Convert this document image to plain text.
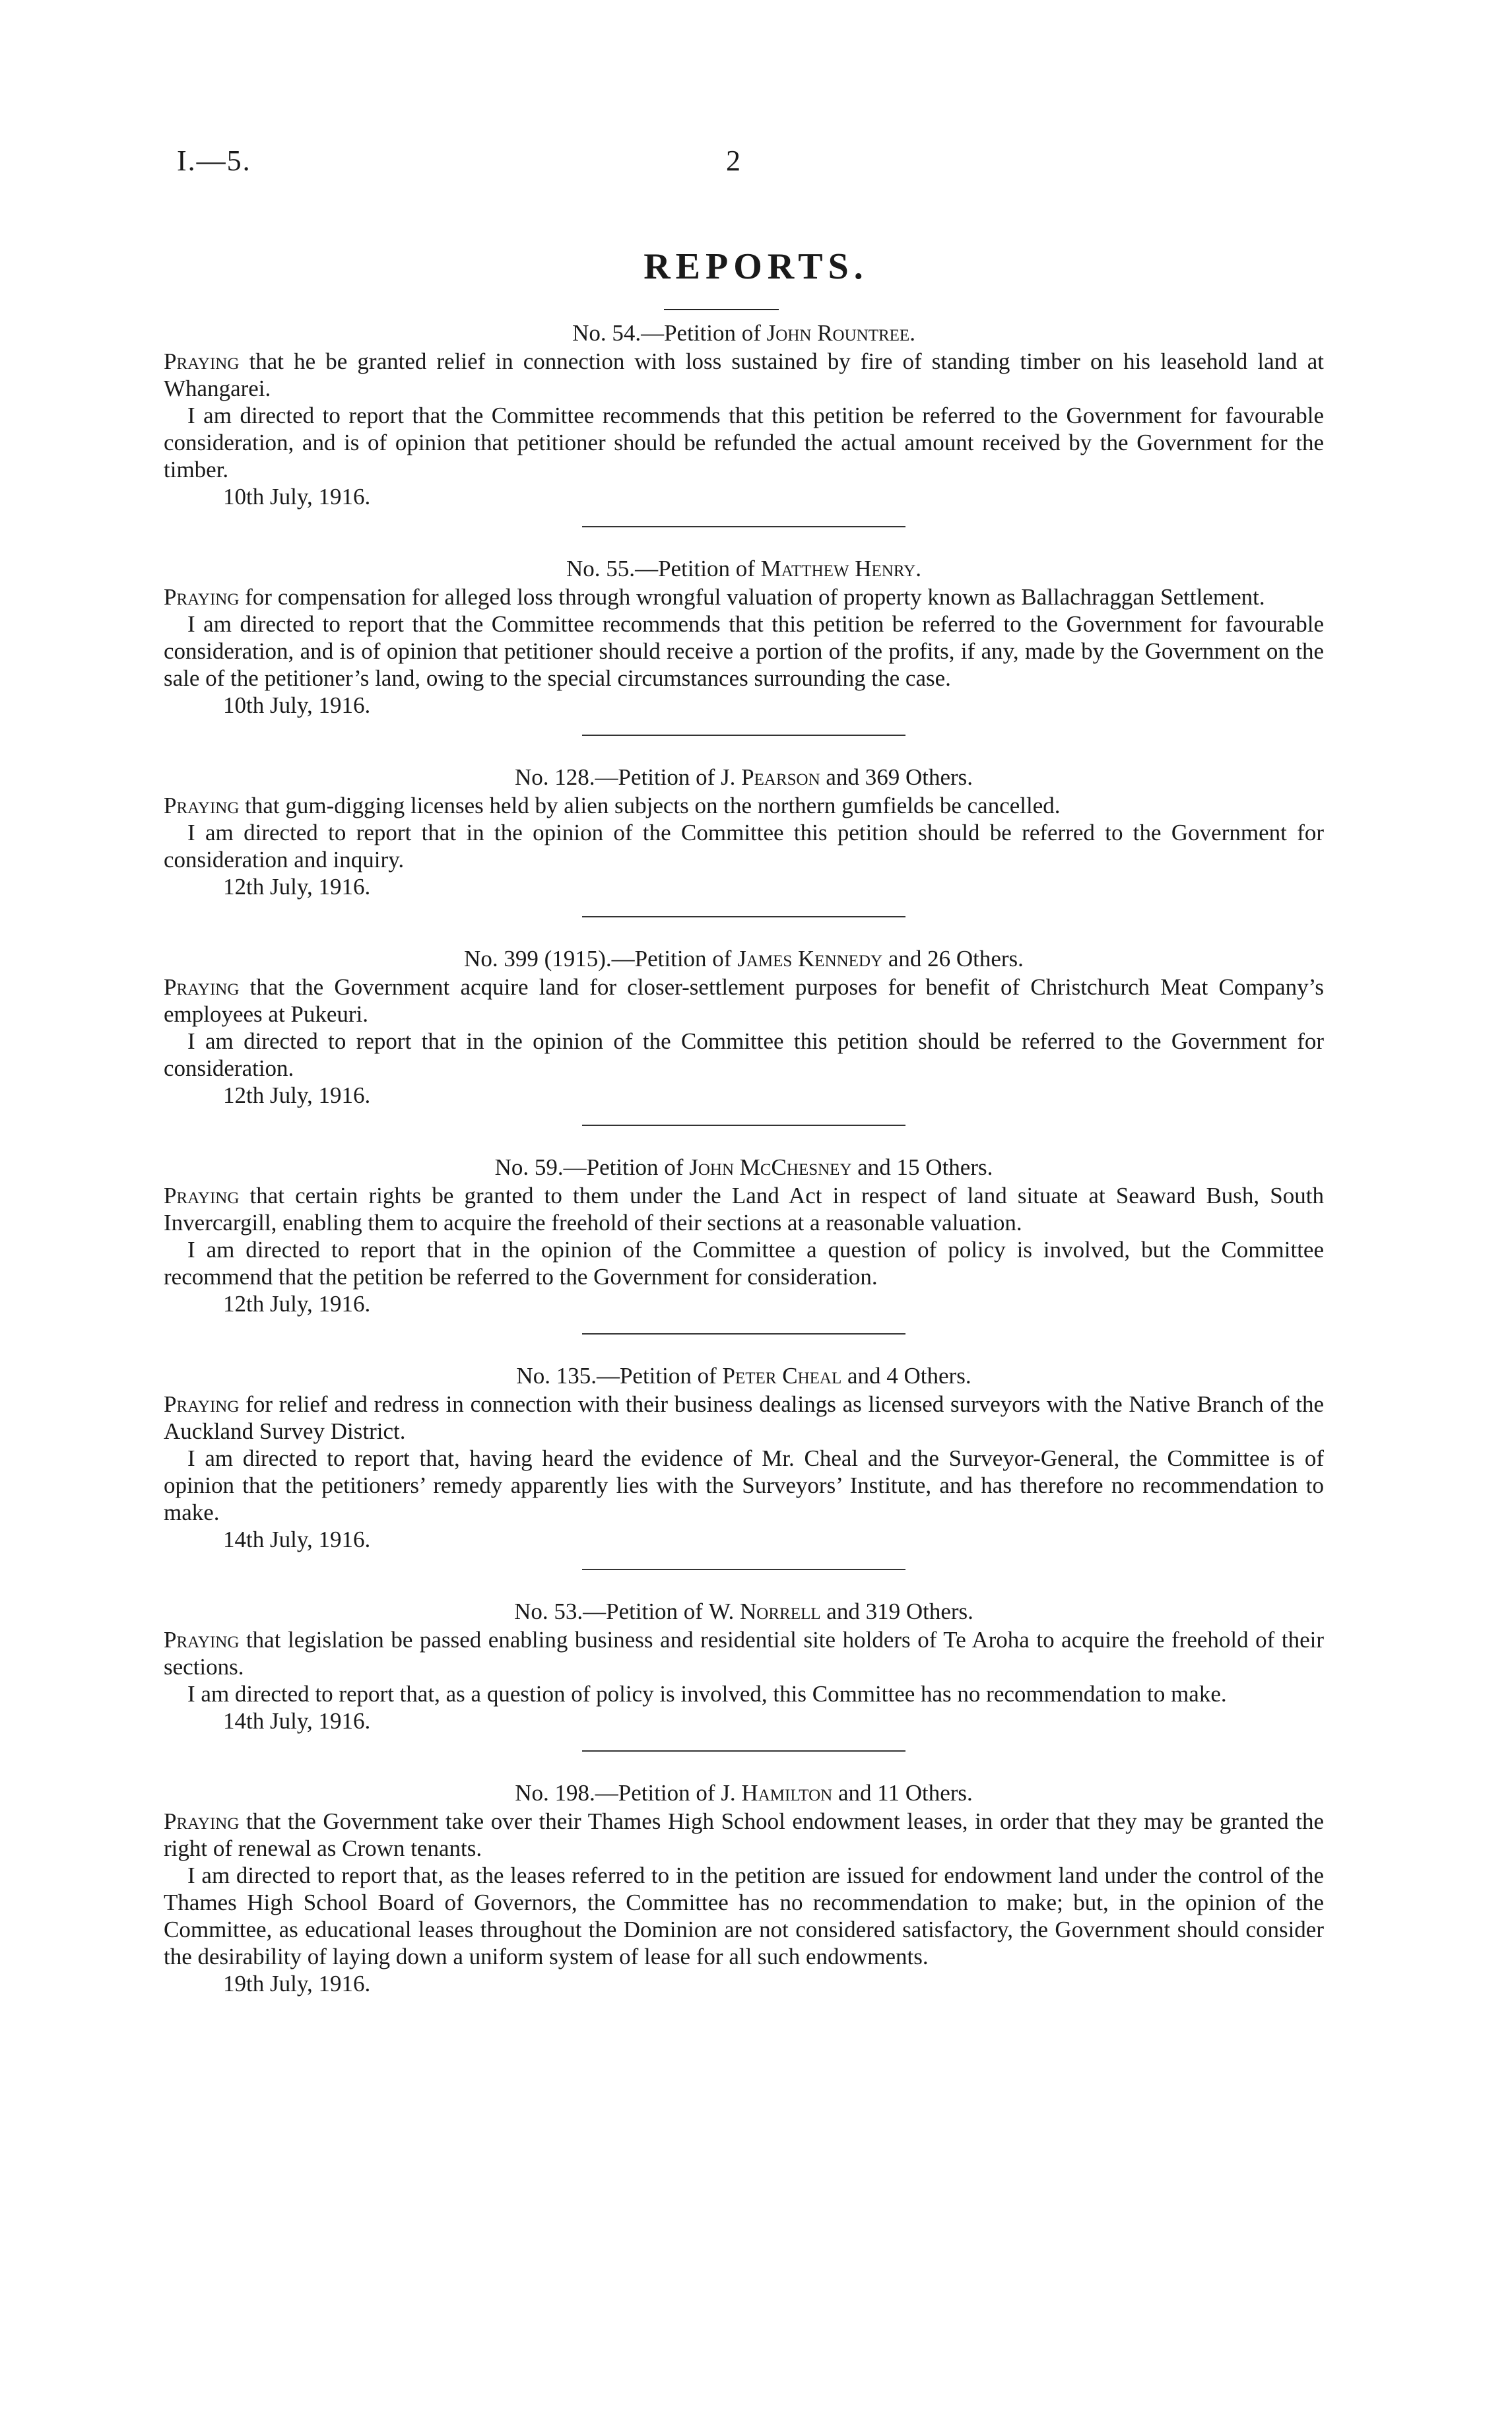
I.—5.	2
REPORTS.
No. 54.—Petition of John Rountree.

Praying that he be granted relief in connection with loss sustained by fire of standing timber on his leasehold land at Whangarei.

I am directed to report that the Committee recommends that this petition be referred to the Government for favourable consideration, and is of opinion that petitioner should be refunded the actual amount received by the Government for the timber.

10th July, 1916.

No. 55.—Petition of Matthew Henry.

Praying for compensation for alleged loss through wrongful valuation of property known as Ballachraggan Settlement.

I am directed to report that the Committee recommends that this petition be referred to the Government for favourable consideration, and is of opinion that petitioner should receive a portion of the profits, if any, made by the Government on the sale of the petitioner’s land, owing to the special circumstances surrounding the case.

10th July, 1916.

No. 128.—Petition of J. Pearson and 369 Others.

Praying that gum-digging licenses held by alien subjects on the northern gumfields be cancelled.

I am directed to report that in the opinion of the Committee this petition should be referred to the Government for consideration and inquiry.

12th July, 1916.

No. 399 (1915).—Petition of James Kennedy and 26 Others.

Praying that the Government acquire land for closer-settlement purposes for benefit of Christchurch Meat Company’s employees at Pukeuri.

I am directed to report that in the opinion of the Committee this petition should be referred to the Government for consideration.

12th July, 1916.

No. 59.—Petition of John McChesney and 15 Others.

Praying that certain rights be granted to them under the Land Act in respect of land situate at Seaward Bush, South Invercargill, enabling them to acquire the freehold of their sections at a reasonable valuation.

I am directed to report that in the opinion of the Committee a question of policy is involved, but the Committee recommend that the petition be referred to the Government for consideration.

12th July, 1916.

No. 135.—Petition of Peter Cheal and 4 Others.

Praying for relief and redress in connection with their business dealings as licensed surveyors with the Native Branch of the Auckland Survey District.

I am directed to report that, having heard the evidence of Mr. Cheal and the Surveyor-General, the Committee is of opinion that the petitioners’ remedy apparently lies with the Surveyors’ Institute, and has therefore no recommendation to make.

14th July, 1916.

No. 53.—Petition of W. Norrell and 319 Others.

Praying that legislation be passed enabling business and residential site holders of Te Aroha to acquire the freehold of their sections.

I am directed to report that, as a question of policy is involved, this Committee has no recommendation to make.

14th July, 1916.

No. 198.—Petition of J. Hamilton and 11 Others.

Praying that the Government take over their Thames High School endowment leases, in order that they may be granted the right of renewal as Crown tenants.

I am directed to report that, as the leases referred to in the petition are issued for endowment land under the control of the Thames High School Board of Governors, the Committee has no recommendation to make; but, in the opinion of the Committee, as educational leases throughout the Dominion are not considered satisfactory, the Government should consider the desirability of laying down a uniform system of lease for all such endowments.

19th July, 1916.
